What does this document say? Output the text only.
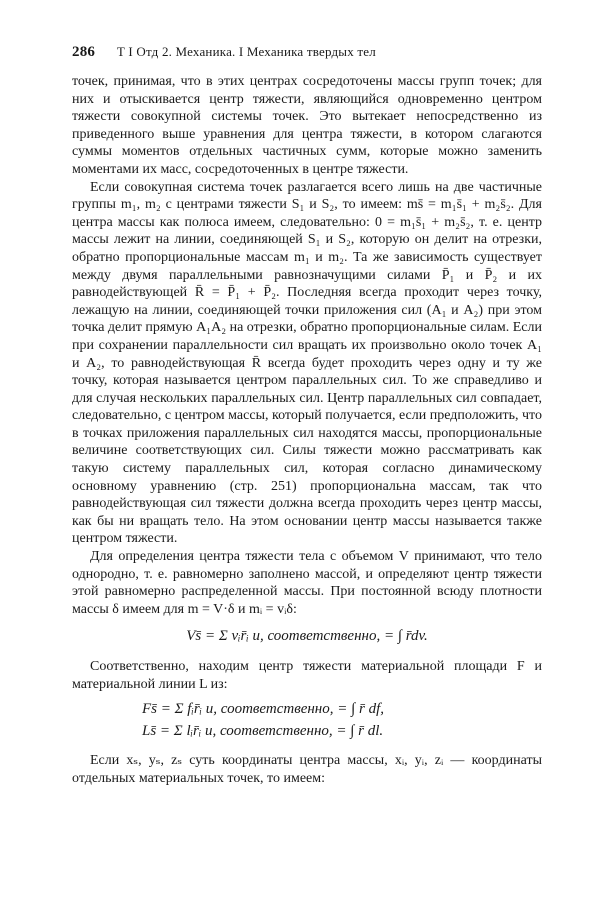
286 Т I Отд 2. Механика. I Механика твердых тел

точек, принимая, что в этих центрах сосредоточены массы групп точек; для них и отыскивается центр тяжести, являющийся одновременно центром тяжести совокупной системы точек. Это вытекает непосредственно из приведенного выше уравнения для центра тяжести, в котором слагаются суммы моментов отдельных частичных сумм, которые можно заменить моментами их масс, сосредоточенных в центре тяжести.

Если совокупная система точек разлагается всего лишь на две частичные группы m₁, m₂ с центрами тяжести S₁ и S₂, то имеем: ms̄ = m₁s̄₁ + m₂s̄₂. Для центра массы как полюса имеем, следовательно: 0 = m₁s̄₁ + m₂s̄₂, т. е. центр массы лежит на линии, соединяющей S₁ и S₂, которую он делит на отрезки, обратно пропорциональные массам m₁ и m₂. Та же зависимость существует между двумя параллельными равнозначущими силами P̄₁ и P̄₂ и их равнодействующей R̄ = P̄₁ + P̄₂. Последняя всегда проходит через точку, лежащую на линии, соединяющей точки приложения сил (A₁ и A₂) при этом точка делит прямую A₁A₂ на отрезки, обратно пропорциональные силам. Если при сохранении параллельности сил вращать их произвольно около точек A₁ и A₂, то равнодействующая R̄ всегда будет проходить через одну и ту же точку, которая называется центром параллельных сил. То же справедливо и для случая нескольких параллельных сил. Центр параллельных сил совпадает, следовательно, с центром массы, который получается, если предположить, что в точках приложения параллельных сил находятся массы, пропорциональные величине соответствующих сил. Силы тяжести можно рассматривать как такую систему параллельных сил, которая согласно динамическому основному уравнению (стр. 251) пропорциональна массам, так что равнодействующая сил тяжести должна всегда проходить через центр массы, как бы ни вращать тело. На этом основании центр массы называется также центром тяжести.

Для определения центра тяжести тела с объемом V принимают, что тело однородно, т. е. равномерно заполнено массой, и определяют центр тяжести этой равномерно распределенной массы. При постоянной всюду плотности массы δ имеем для m = V·δ и mᵢ = vᵢδ:

Vs̄ = Σ vᵢr̄ᵢ и, соответственно, = ∫ r̄dv.

Соответственно, находим центр тяжести материальной площади F и материальной линии L из:

Fs̄ = Σ fᵢr̄ᵢ и, соответственно, = ∫ r̄ df,
Ls̄ = Σ lᵢr̄ᵢ и, соответственно, = ∫ r̄ dl.

Если xₛ, yₛ, zₛ суть координаты центра массы, xᵢ, yᵢ, zᵢ — координаты отдельных материальных точек, то имеем:
